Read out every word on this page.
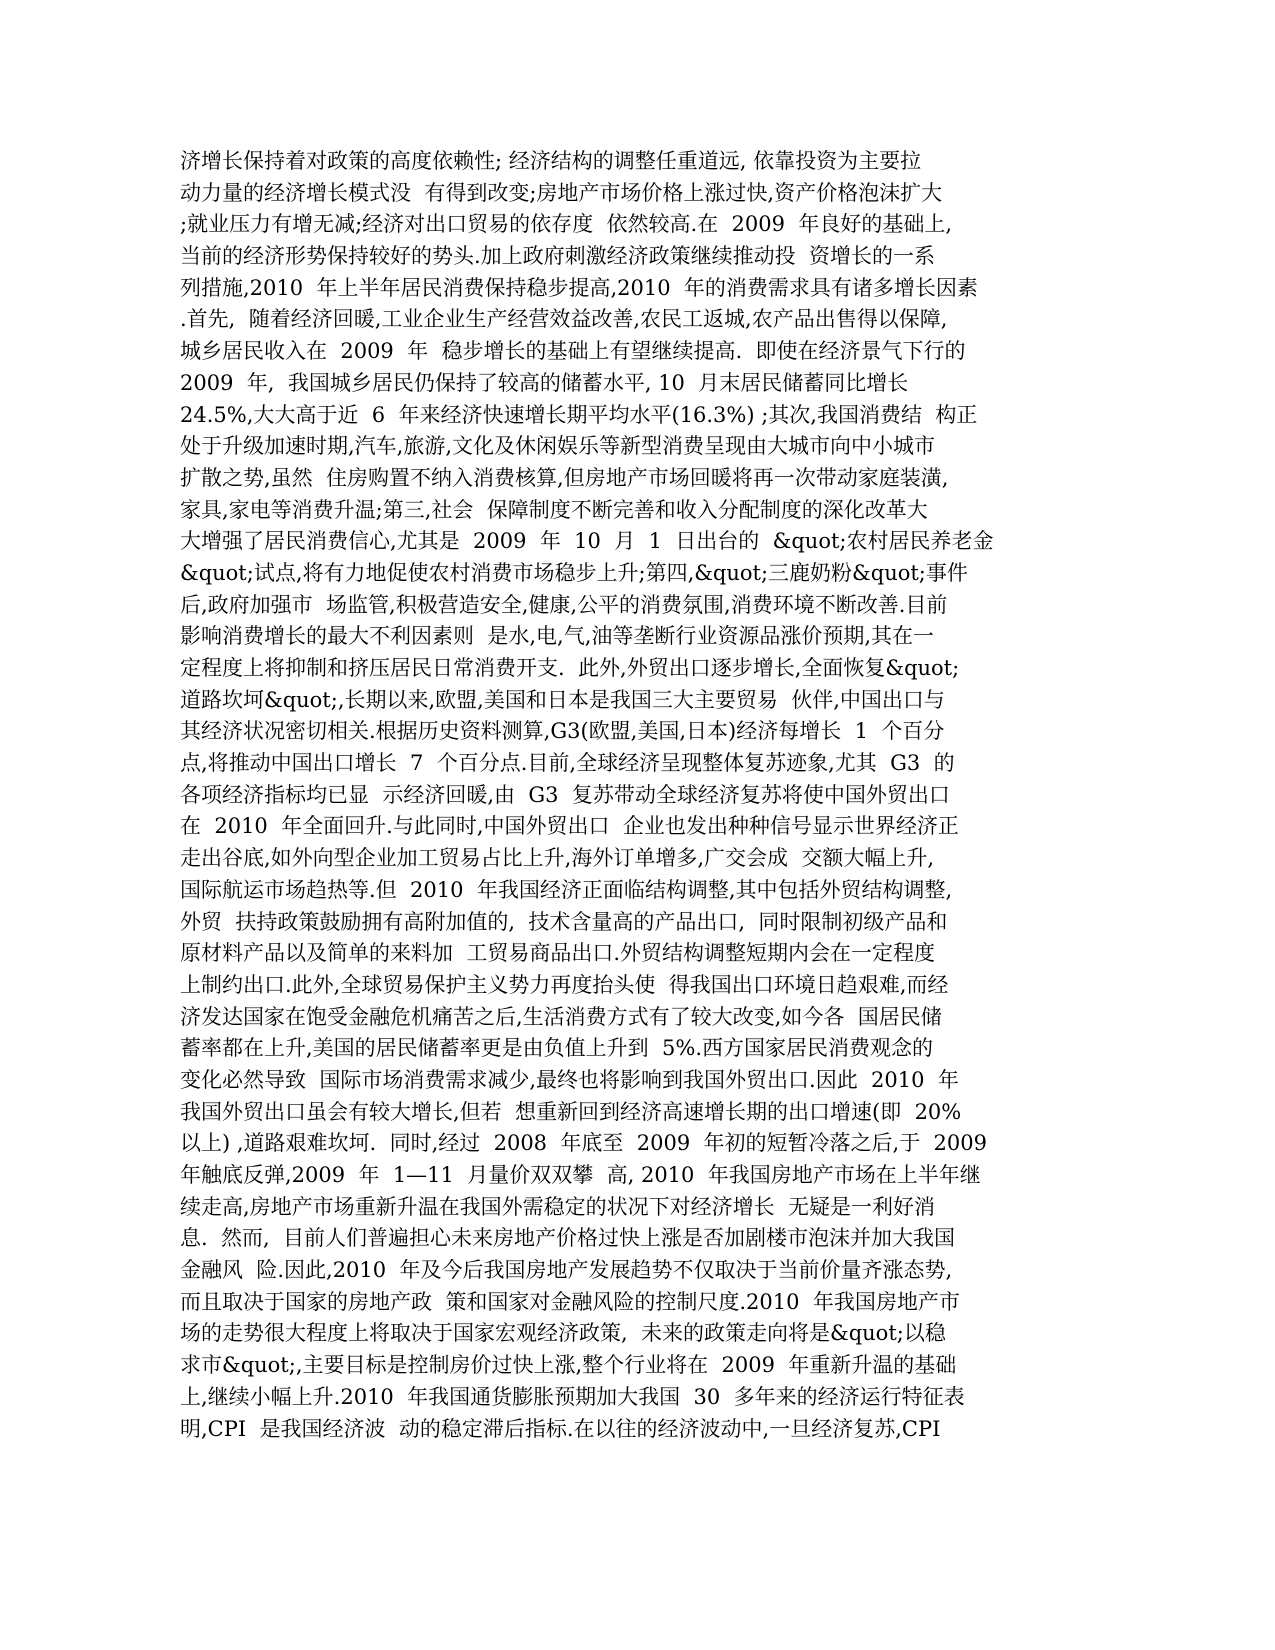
济增长保持着对政策的高度依赖性; 经济结构的调整任重道远, 依靠投资为主要拉
动力量的经济增长模式没  有得到改变;房地产市场价格上涨过快,资产价格泡沫扩大
;就业压力有增无减;经济对出口贸易的依存度  依然较高.在  2009  年良好的基础上,
当前的经济形势保持较好的势头.加上政府刺激经济政策继续推动投  资增长的一系
列措施,2010  年上半年居民消费保持稳步提高,2010  年的消费需求具有诸多增长因素
.首先,  随着经济回暖,工业企业生产经营效益改善,农民工返城,农产品出售得以保障,
城乡居民收入在  2009  年  稳步增长的基础上有望继续提高.  即使在经济景气下行的
2009  年,  我国城乡居民仍保持了较高的储蓄水平, 10  月末居民储蓄同比增长
24.5%,大大高于近  6  年来经济快速增长期平均水平(16.3%) ;其次,我国消费结  构正
处于升级加速时期,汽车,旅游,文化及休闲娱乐等新型消费呈现由大城市向中小城市
扩散之势,虽然  住房购置不纳入消费核算,但房地产市场回暖将再一次带动家庭装潢,
家具,家电等消费升温;第三,社会  保障制度不断完善和收入分配制度的深化改革大
大增强了居民消费信心,尤其是  2009  年  10  月  1  日出台的  &quot;农村居民养老金
&quot;试点,将有力地促使农村消费市场稳步上升;第四,&quot;三鹿奶粉&quot;事件
后,政府加强市  场监管,积极营造安全,健康,公平的消费氛围,消费环境不断改善.目前
影响消费增长的最大不利因素则  是水,电,气,油等垄断行业资源品涨价预期,其在一
定程度上将抑制和挤压居民日常消费开支.  此外,外贸出口逐步增长,全面恢复&quot;
道路坎坷&quot;,长期以来,欧盟,美国和日本是我国三大主要贸易  伙伴,中国出口与
其经济状况密切相关.根据历史资料测算,G3(欧盟,美国,日本)经济每增长  1  个百分
点,将推动中国出口增长  7  个百分点.目前,全球经济呈现整体复苏迹象,尤其  G3  的
各项经济指标均已显  示经济回暖,由  G3  复苏带动全球经济复苏将使中国外贸出口
在  2010  年全面回升.与此同时,中国外贸出口  企业也发出种种信号显示世界经济正
走出谷底,如外向型企业加工贸易占比上升,海外订单增多,广交会成  交额大幅上升,
国际航运市场趋热等.但  2010  年我国经济正面临结构调整,其中包括外贸结构调整,
外贸  扶持政策鼓励拥有高附加值的,  技术含量高的产品出口,  同时限制初级产品和
原材料产品以及简单的来料加  工贸易商品出口.外贸结构调整短期内会在一定程度
上制约出口.此外,全球贸易保护主义势力再度抬头使  得我国出口环境日趋艰难,而经
济发达国家在饱受金融危机痛苦之后,生活消费方式有了较大改变,如今各  国居民储
蓄率都在上升,美国的居民储蓄率更是由负值上升到  5%.西方国家居民消费观念的
变化必然导致  国际市场消费需求减少,最终也将影响到我国外贸出口.因此  2010  年
我国外贸出口虽会有较大增长,但若  想重新回到经济高速增长期的出口增速(即  20%
以上) ,道路艰难坎坷.  同时,经过  2008  年底至  2009  年初的短暂冷落之后,于  2009
年触底反弹,2009  年  1—11  月量价双双攀  高, 2010  年我国房地产市场在上半年继
续走高,房地产市场重新升温在我国外需稳定的状况下对经济增长  无疑是一利好消
息.  然而,  目前人们普遍担心未来房地产价格过快上涨是否加剧楼市泡沫并加大我国
金融风  险.因此,2010  年及今后我国房地产发展趋势不仅取决于当前价量齐涨态势,
而且取决于国家的房地产政  策和国家对金融风险的控制尺度.2010  年我国房地产市
场的走势很大程度上将取决于国家宏观经济政策,  未来的政策走向将是&quot;以稳
求市&quot;,主要目标是控制房价过快上涨,整个行业将在  2009  年重新升温的基础
上,继续小幅上升.2010  年我国通货膨胀预期加大我国  30  多年来的经济运行特征表
明,CPI  是我国经济波  动的稳定滞后指标.在以往的经济波动中,一旦经济复苏,CPI
